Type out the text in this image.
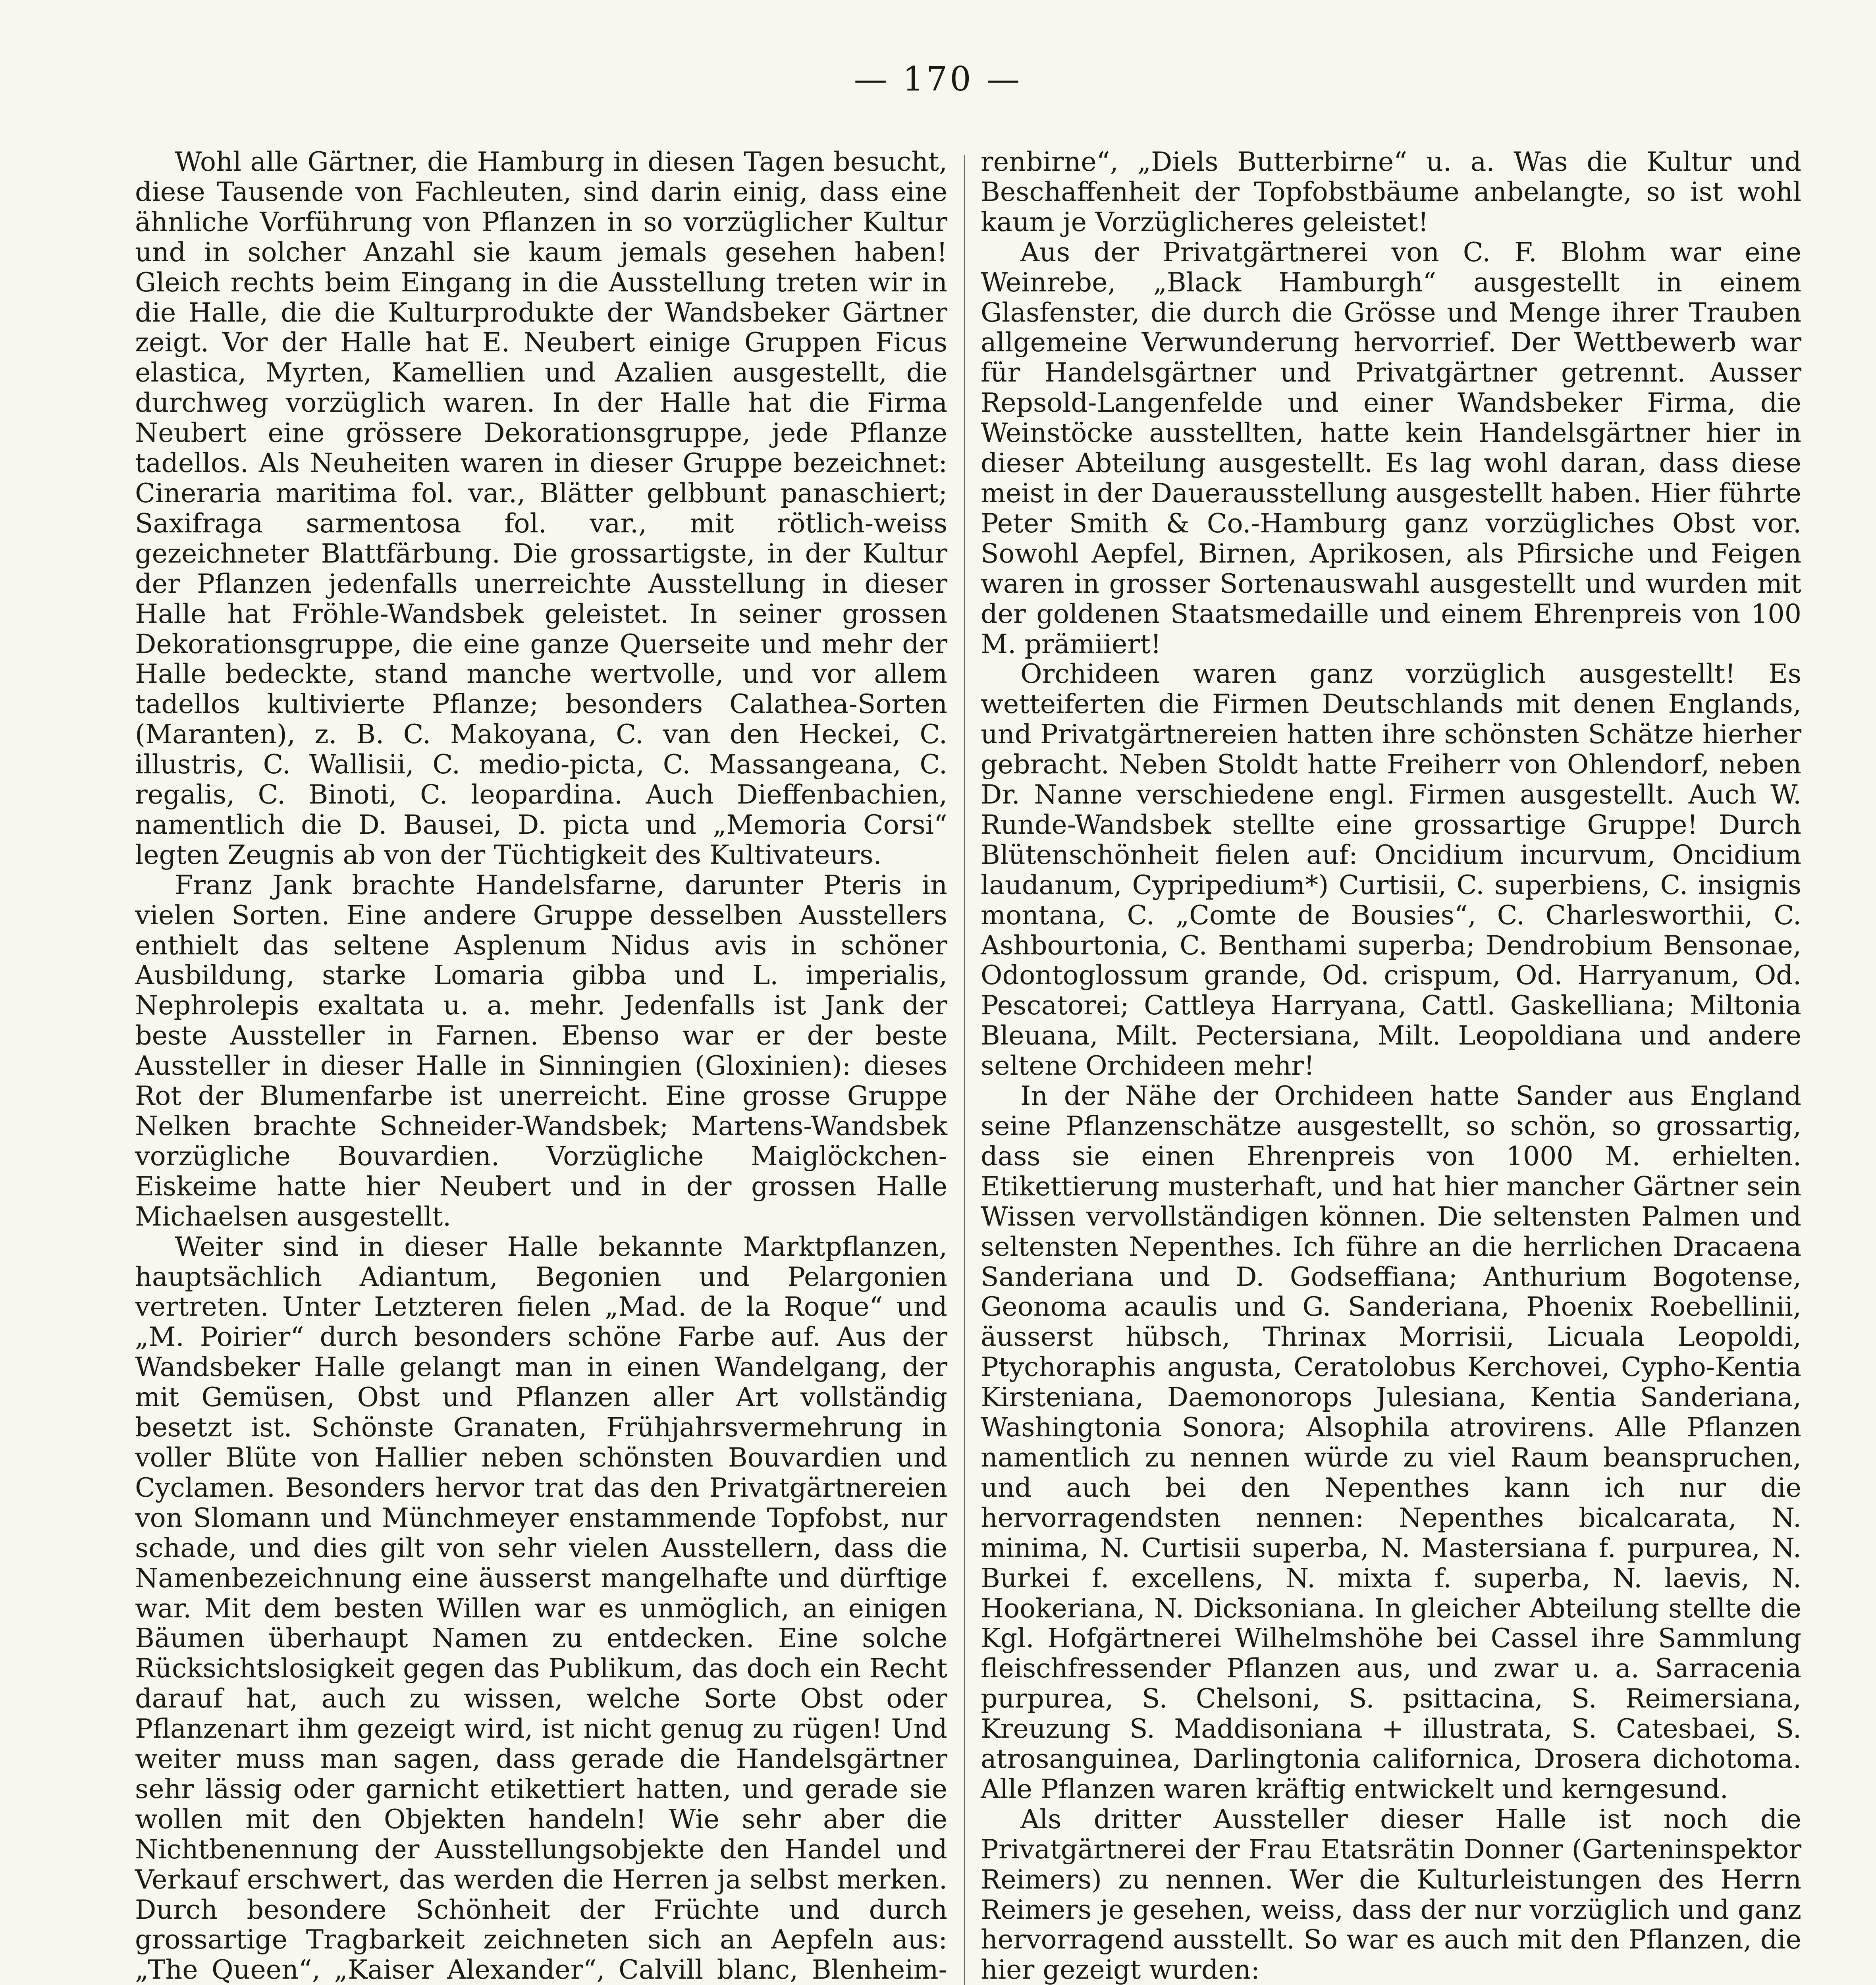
— 170 —

Wohl alle Gärtner, die Hamburg in diesen Tagen besucht, diese Tausende von Fachleuten, sind darin einig, dass eine ähnliche Vorführung von Pflanzen in so vorzüglicher Kultur und in solcher Anzahl sie kaum jemals gesehen haben! Gleich rechts beim Eingang in die Ausstellung treten wir in die Halle, die die Kulturprodukte der Wandsbeker Gärtner zeigt. Vor der Halle hat E. Neubert einige Gruppen Ficus elastica, Myrten, Kamellien und Azalien ausgestellt, die durchweg vorzüglich waren. In der Halle hat die Firma Neubert eine grössere Dekorationsgruppe, jede Pflanze tadellos. Als Neuheiten waren in dieser Gruppe bezeichnet: Cineraria maritima fol. var., Blätter gelbbunt panaschiert; Saxifraga sarmentosa fol. var., mit rötlich-weiss gezeichneter Blattfärbung. Die grossartigste, in der Kultur der Pflanzen jedenfalls unerreichte Ausstellung in dieser Halle hat Fröhle-Wandsbek geleistet. In seiner grossen Dekorationsgruppe, die eine ganze Querseite und mehr der Halle bedeckte, stand manche wertvolle, und vor allem tadellos kultivierte Pflanze; besonders Calathea-Sorten (Maranten), z. B. C. Makoyana, C. van den Heckei, C. illustris, C. Wallisii, C. medio-picta, C. Massangeana, C. regalis, C. Binoti, C. leopardina. Auch Dieffenbachien, namentlich die D. Bausei, D. picta und „Memoria Corsi“ legten Zeugnis ab von der Tüchtigkeit des Kultivateurs.

Franz Jank brachte Handelsfarne, darunter Pteris in vielen Sorten. Eine andere Gruppe desselben Ausstellers enthielt das seltene Asplenum Nidus avis in schöner Ausbildung, starke Lomaria gibba und L. imperialis, Nephrolepis exaltata u. a. mehr. Jedenfalls ist Jank der beste Aussteller in Farnen. Ebenso war er der beste Aussteller in dieser Halle in Sinningien (Gloxinien): dieses Rot der Blumenfarbe ist unerreicht. Eine grosse Gruppe Nelken brachte Schneider-Wandsbek; Martens-Wandsbek vorzügliche Bouvardien. Vorzügliche Maiglöckchen-Eiskeime hatte hier Neubert und in der grossen Halle Michaelsen ausgestellt.

Weiter sind in dieser Halle bekannte Marktpflanzen, hauptsächlich Adiantum, Begonien und Pelargonien vertreten. Unter Letzteren fielen „Mad. de la Roque“ und „M. Poirier“ durch besonders schöne Farbe auf. Aus der Wandsbeker Halle gelangt man in einen Wandelgang, der mit Gemüsen, Obst und Pflanzen aller Art vollständig besetzt ist. Schönste Granaten, Frühjahrsvermehrung in voller Blüte von Hallier neben schönsten Bouvardien und Cyclamen. Besonders hervor trat das den Privatgärtnereien von Slomann und Münchmeyer enstammende Topfobst, nur schade, und dies gilt von sehr vielen Ausstellern, dass die Namenbezeichnung eine äusserst mangelhafte und dürftige war. Mit dem besten Willen war es unmöglich, an einigen Bäumen überhaupt Namen zu entdecken. Eine solche Rücksichtslosigkeit gegen das Publikum, das doch ein Recht darauf hat, auch zu wissen, welche Sorte Obst oder Pflanzenart ihm gezeigt wird, ist nicht genug zu rügen! Und weiter muss man sagen, dass gerade die Handelsgärtner sehr lässig oder garnicht etikettiert hatten, und gerade sie wollen mit den Objekten handeln! Wie sehr aber die Nichtbenennung der Ausstellungsobjekte den Handel und Verkauf erschwert, das werden die Herren ja selbst merken. Durch besondere Schönheit der Früchte und durch grossartige Tragbarkeit zeichneten sich an Aepfeln aus: „The Queen“, „Kaiser Alexander“, Calvill blanc, Blenheim-

renbirne“, „Diels Butterbirne“ u. a. Was die Kultur und Beschaffenheit der Topfobstbäume anbelangte, so ist wohl kaum je Vorzüglicheres geleistet!

Aus der Privatgärtnerei von C. F. Blohm war eine Weinrebe, „Black Hamburgh“ ausgestellt in einem Glasfenster, die durch die Grösse und Menge ihrer Trauben allgemeine Verwunderung hervorrief. Der Wettbewerb war für Handelsgärtner und Privatgärtner getrennt. Ausser Repsold-Langenfelde und einer Wandsbeker Firma, die Weinstöcke ausstellten, hatte kein Handelsgärtner hier in dieser Abteilung ausgestellt. Es lag wohl daran, dass diese meist in der Dauerausstellung ausgestellt haben. Hier führte Peter Smith & Co.-Hamburg ganz vorzügliches Obst vor. Sowohl Aepfel, Birnen, Aprikosen, als Pfirsiche und Feigen waren in grosser Sortenauswahl ausgestellt und wurden mit der goldenen Staatsmedaille und einem Ehrenpreis von 100 M. prämiiert!

Orchideen waren ganz vorzüglich ausgestellt! Es wetteiferten die Firmen Deutschlands mit denen Englands, und Privatgärtnereien hatten ihre schönsten Schätze hierher gebracht. Neben Stoldt hatte Freiherr von Ohlendorf, neben Dr. Nanne verschiedene engl. Firmen ausgestellt. Auch W. Runde-Wandsbek stellte eine grossartige Gruppe! Durch Blütenschönheit fielen auf: Oncidium incurvum, Oncidium laudanum, Cypripedium*) Curtisii, C. superbiens, C. insignis montana, C. „Comte de Bousies“, C. Charlesworthii, C. Ashbourtonia, C. Benthami superba; Dendrobium Bensonae, Odontoglossum grande, Od. crispum, Od. Harryanum, Od. Pescatorei; Cattleya Harryana, Cattl. Gaskelliana; Miltonia Bleuana, Milt. Pectersiana, Milt. Leopoldiana und andere seltene Orchideen mehr!

In der Nähe der Orchideen hatte Sander aus England seine Pflanzenschätze ausgestellt, so schön, so grossartig, dass sie einen Ehrenpreis von 1000 M. erhielten. Etikettierung musterhaft, und hat hier mancher Gärtner sein Wissen vervollständigen können. Die seltensten Palmen und seltensten Nepenthes. Ich führe an die herrlichen Dracaena Sanderiana und D. Godseffiana; Anthurium Bogotense, Geonoma acaulis und G. Sanderiana, Phoenix Roebellinii, äusserst hübsch, Thrinax Morrisii, Licuala Leopoldi, Ptychoraphis angusta, Ceratolobus Kerchovei, Cypho-Kentia Kirsteniana, Daemonorops Julesiana, Kentia Sanderiana, Washingtonia Sonora; Alsophila atrovirens. Alle Pflanzen namentlich zu nennen würde zu viel Raum beanspruchen, und auch bei den Nepenthes kann ich nur die hervorragendsten nennen: Nepenthes bicalcarata, N. minima, N. Curtisii superba, N. Mastersiana f. purpurea, N. Burkei f. excellens, N. mixta f. superba, N. laevis, N. Hookeriana, N. Dicksoniana. In gleicher Abteilung stellte die Kgl. Hofgärtnerei Wilhelmshöhe bei Cassel ihre Sammlung fleischfressender Pflanzen aus, und zwar u. a. Sarracenia purpurea, S. Chelsoni, S. psittacina, S. Reimersiana, Kreuzung S. Maddisoniana + illustrata, S. Catesbaei, S. atrosanguinea, Darlingtonia californica, Drosera dichotoma. Alle Pflanzen waren kräftig entwickelt und kerngesund.

Als dritter Aussteller dieser Halle ist noch die Privatgärtnerei der Frau Etatsrätin Donner (Garteninspektor Reimers) zu nennen. Wer die Kulturleistungen des Herrn Reimers je gesehen, weiss, dass der nur vorzüglich und ganz hervorragend ausstellt. So war es auch mit den Pflanzen, die hier gezeigt wurden:
